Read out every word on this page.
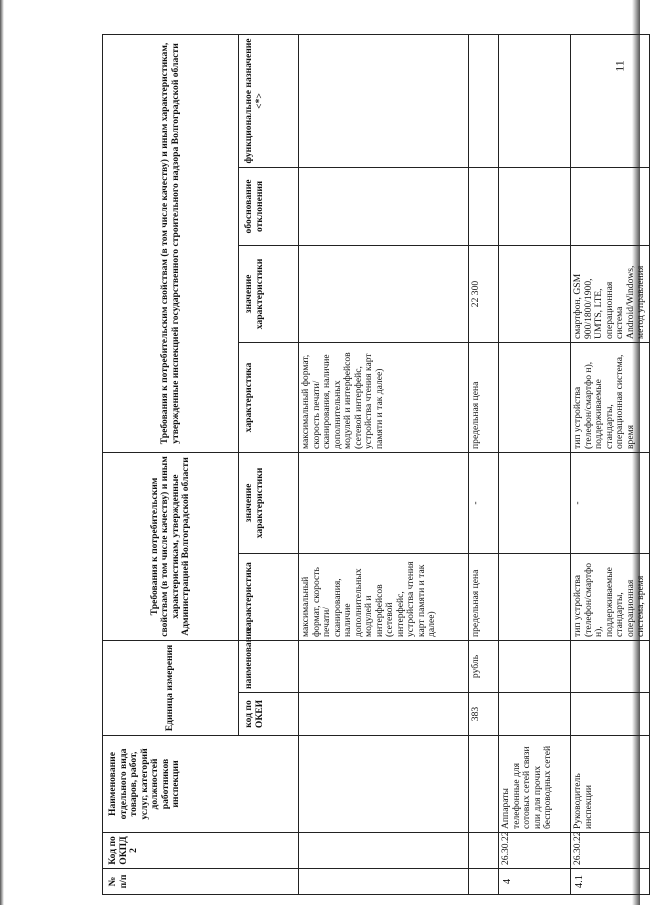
11
№ п/п	Код по ОКПД 2	Наименование отдельного вида товаров, работ, услуг, категорий должностей работников инспекции	Единица измерения		Требования к потребительским свойствам (в том числе качеству) и иным характеристикам, утвержденные Администрацией Волгоградской области		Требования к потребительским свойствам (в том числе качеству) и иным характеристикам, утвержденные инспекцией государственного строительного надзора Волгоградской области			
			код по ОКЕИ	наименование	характеристика	значение характеристики	характеристика	значение характеристики	обоснование отклонения	функциональное назначение <*>
					максимальный формат, скорость печати/ сканирования, наличие дополнительных модулей и интерфейсов (сетевой интерфейс, устройства чтения карт памяти и так далее)		максимальный формат, скорость печати/ сканирования, наличие дополнительных модулей и интерфейсов (сетевой интерфейс, устройства чтения карт памяти и так далее)			
			383	рубль	предельная цена	-	предельная цена	22 300		
4	26.30.22	Аппараты телефонные для сотовых сетей связи или для прочих беспроводных сетей								
4.1	26.30.22	Руководитель инспекции			тип устройства (телефон/смартфо н), поддерживаемые стандарты, операционная система, время	-	тип устройства (телефон/смартфо н), поддерживаемые стандарты, операционная система, время	смартфон, GSM 900/1800/1900, UMTS, LTE, операционная система Android/Windows, метод управления		
